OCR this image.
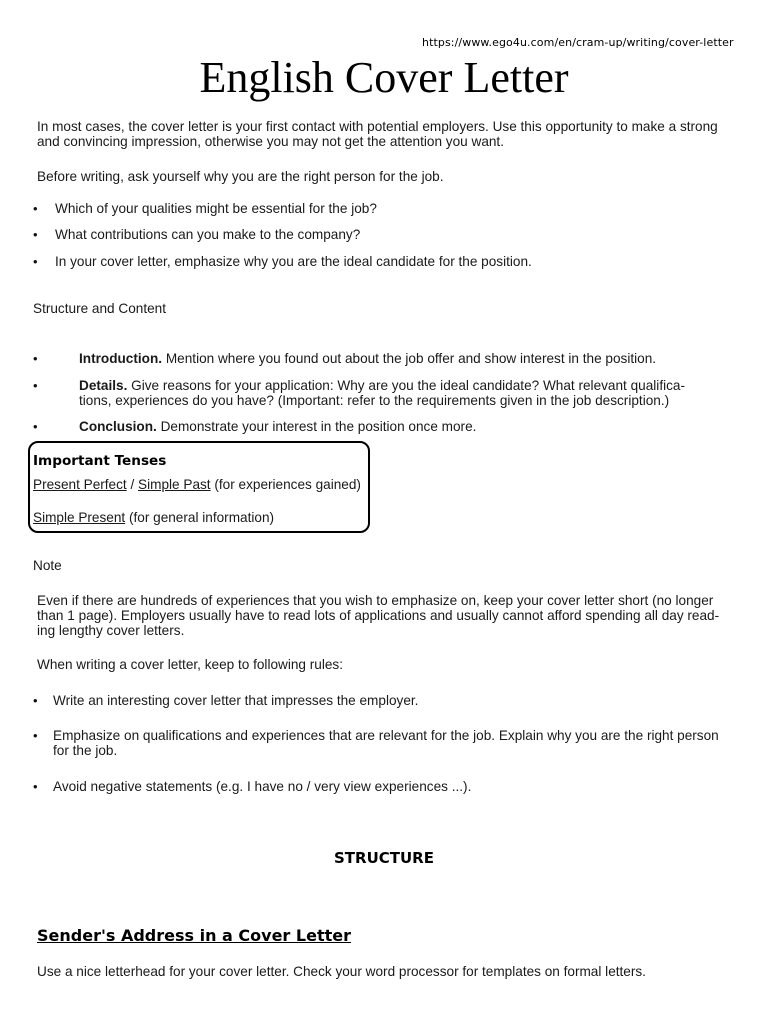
https://www.ego4u.com/en/cram-up/writing/cover-letter
English Cover Letter
In most cases, the cover letter is your first contact with potential employers. Use this opportunity to make a strong
and convincing impression, otherwise you may not get the attention you want.
Before writing, ask yourself why you are the right person for the job.
• Which of your qualities might be essential for the job?
• What contributions can you make to the company?
• In your cover letter, emphasize why you are the ideal candidate for the position.
Structure and Content
•	Introduction. Mention where you found out about the job offer and show interest in the position.
•	Details. Give reasons for your application: Why are you the ideal candidate? What relevant qualifica-
tions, experiences do you have? (Important: refer to the requirements given in the job description.)
•	Conclusion. Demonstrate your interest in the position once more.
Important Tenses
Present Perfect / Simple Past (for experiences gained)
Simple Present (for general information)
Note
Even if there are hundreds of experiences that you wish to emphasize on, keep your cover letter short (no longer
than 1 page). Employers usually have to read lots of applications and usually cannot afford spending all day read-
ing lengthy cover letters.
When writing a cover letter, keep to following rules:
• Write an interesting cover letter that impresses the employer.
• Emphasize on qualifications and experiences that are relevant for the job. Explain why you are the right person
for the job.
• Avoid negative statements (e.g. I have no / very view experiences ...).
STRUCTURE
Sender's Address in a Cover Letter
Use a nice letterhead for your cover letter. Check your word processor for templates on formal letters.
